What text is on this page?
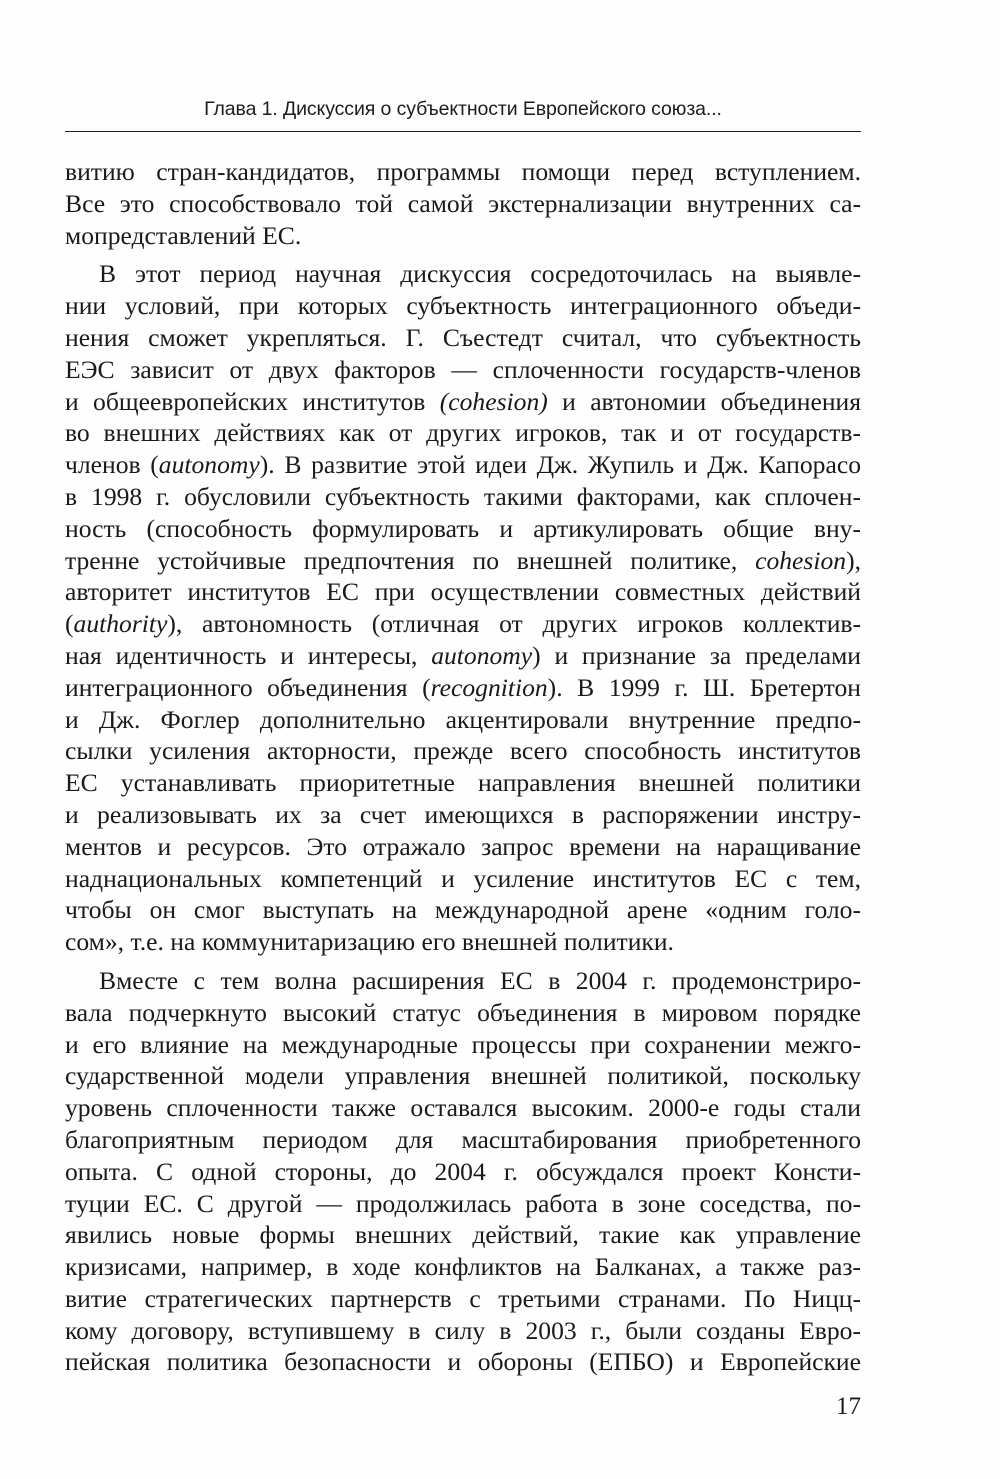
Глава 1. Дискуссия о субъектности Европейского союза...
витию стран-кандидатов, программы помощи перед вступлением.
Все это способствовало той самой экстернализации внутренних са-
мопредставлений ЕС.
В этот период научная дискуссия сосредоточилась на выявле-
нии условий, при которых субъектность интеграционного объеди-
нения сможет укрепляться. Г. Съестедт считал, что субъектность
ЕЭС зависит от двух факторов — сплоченности государств-членов
и общеевропейских институтов (cohesion) и автономии объединения
во внешних действиях как от других игроков, так и от государств-
членов (autonomy). В развитие этой идеи Дж. Жупиль и Дж. Капорасо
в 1998 г. обусловили субъектность такими факторами, как сплочен-
ность (способность формулировать и артикулировать общие вну-
тренне устойчивые предпочтения по внешней политике, cohesion),
авторитет институтов ЕС при осуществлении совместных действий
(authority), автономность (отличная от других игроков коллектив-
ная идентичность и интересы, autonomy) и признание за пределами
интеграционного объединения (recognition). В 1999 г. Ш. Бретертон
и Дж. Фоглер дополнительно акцентировали внутренние предпо-
сылки усиления акторности, прежде всего способность институтов
ЕС устанавливать приоритетные направления внешней политики
и реализовывать их за счет имеющихся в распоряжении инстру-
ментов и ресурсов. Это отражало запрос времени на наращивание
наднациональных компетенций и усиление институтов ЕС с тем,
чтобы он смог выступать на международной арене «одним голо-
сом», т.е. на коммунитаризацию его внешней политики.
Вместе с тем волна расширения ЕС в 2004 г. продемонстриро-
вала подчеркнуто высокий статус объединения в мировом порядке
и его влияние на международные процессы при сохранении межго-
сударственной модели управления внешней политикой, поскольку
уровень сплоченности также оставался высоким. 2000-е годы стали
благоприятным периодом для масштабирования приобретенного
опыта. С одной стороны, до 2004 г. обсуждался проект Консти-
туции ЕС. С другой — продолжилась работа в зоне соседства, по-
явились новые формы внешних действий, такие как управление
кризисами, например, в ходе конфликтов на Балканах, а также раз-
витие стратегических партнерств с третьими странами. По Ницц-
кому договору, вступившему в силу в 2003 г., были созданы Евро-
пейская политика безопасности и обороны (ЕПБО) и Европейские
17
